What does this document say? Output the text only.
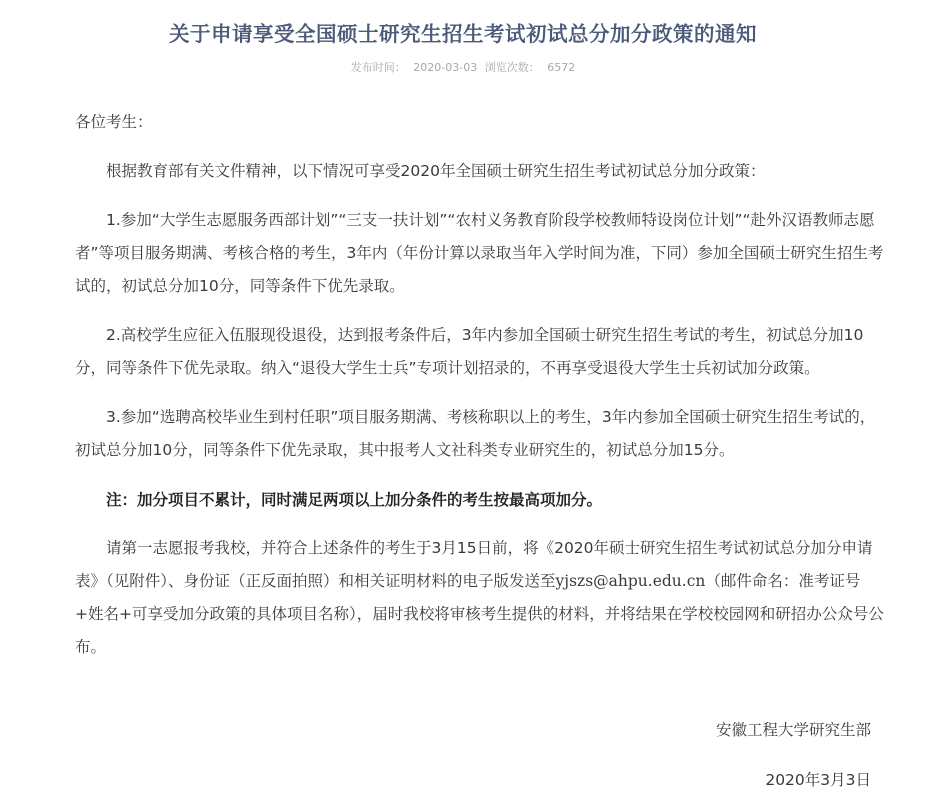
关于申请享受全国硕士研究生招生考试初试总分加分政策的通知
发布时间： 2020-03-03 浏览次数： 6572

各位考生：

根据教育部有关文件精神，以下情况可享受2020年全国硕士研究生招生考试初试总分加分政策：

1.参加“大学生志愿服务西部计划”“三支一扶计划”“农村义务教育阶段学校教师特设岗位计划”“赴外汉语教师志愿者”等项目服务期满、考核合格的考生，3年内（年份计算以录取当年入学时间为准，下同）参加全国硕士研究生招生考试的，初试总分加10分，同等条件下优先录取。

2.高校学生应征入伍服现役退役，达到报考条件后，3年内参加全国硕士研究生招生考试的考生，初试总分加10分，同等条件下优先录取。纳入“退役大学生士兵”专项计划招录的，不再享受退役大学生士兵初试加分政策。

3.参加“选聘高校毕业生到村任职”项目服务期满、考核称职以上的考生，3年内参加全国硕士研究生招生考试的，初试总分加10分，同等条件下优先录取，其中报考人文社科类专业研究生的，初试总分加15分。

注：加分项目不累计，同时满足两项以上加分条件的考生按最高项加分。

请第一志愿报考我校，并符合上述条件的考生于3月15日前，将《2020年硕士研究生招生考试初试总分加分申请表》（见附件）、身份证（正反面拍照）和相关证明材料的电子版发送至yjszs@ahpu.edu.cn（邮件命名：准考证号+姓名+可享受加分政策的具体项目名称），届时我校将审核考生提供的材料，并将结果在学校校园网和研招办公众号公布。

安徽工程大学研究生部
2020年3月3日
